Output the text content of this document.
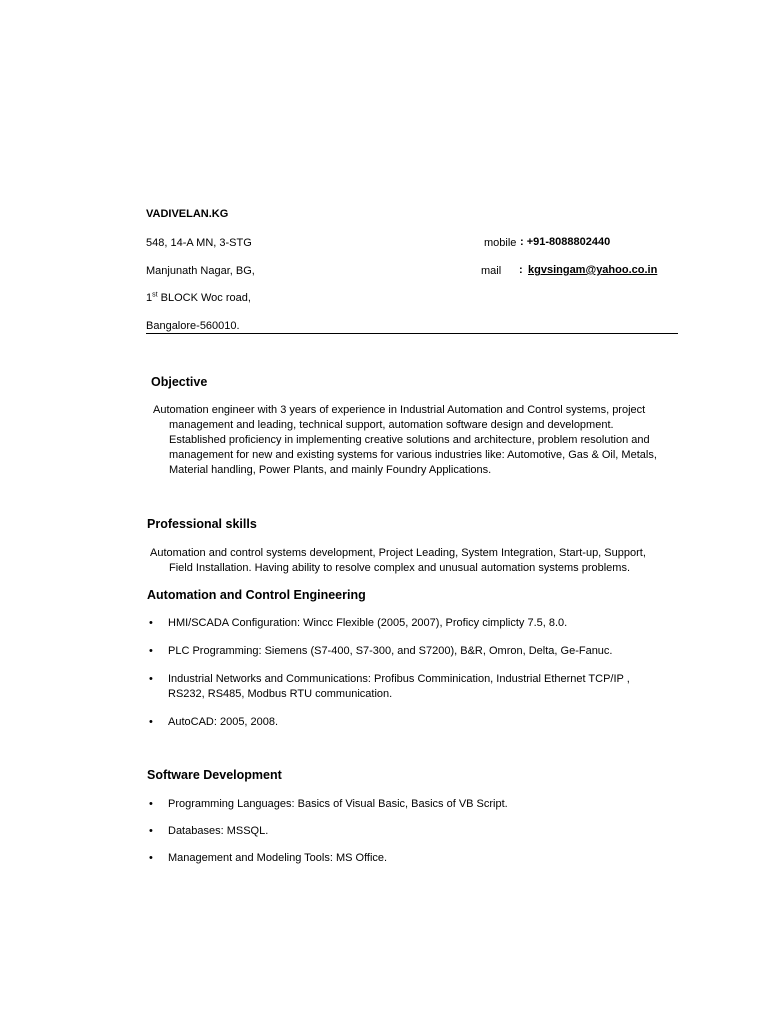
VADIVELAN.KG
548, 14-A MN, 3-STG
Manjunath Nagar, BG,
1st BLOCK Woc road,
Bangalore-560010.
mobile : +91-8088802440
mail : kgvsingam@yahoo.co.in
Objective
Automation engineer with 3 years of experience in Industrial Automation and Control systems, project
management and leading, technical support, automation software design and development.
Established proficiency in implementing creative solutions and architecture, problem resolution and
management for new and existing systems for various industries like: Automotive, Gas & Oil, Metals,
Material handling, Power Plants, and mainly Foundry Applications.
Professional skills
Automation and control systems development, Project Leading, System Integration, Start-up, Support,
Field Installation. Having ability to resolve complex and unusual automation systems problems.
Automation and Control Engineering
• HMI/SCADA Configuration: Wincc Flexible (2005, 2007), Proficy cimplicty 7.5, 8.0.
• PLC Programming: Siemens (S7-400, S7-300, and S7200), B&R, Omron, Delta, Ge-Fanuc.
• Industrial Networks and Communications: Profibus Comminication, Industrial Ethernet TCP/IP ,
RS232, RS485, Modbus RTU communication.
• AutoCAD: 2005, 2008.
Software Development
• Programming Languages: Basics of Visual Basic, Basics of VB Script.
• Databases: MSSQL.
• Management and Modeling Tools: MS Office.
